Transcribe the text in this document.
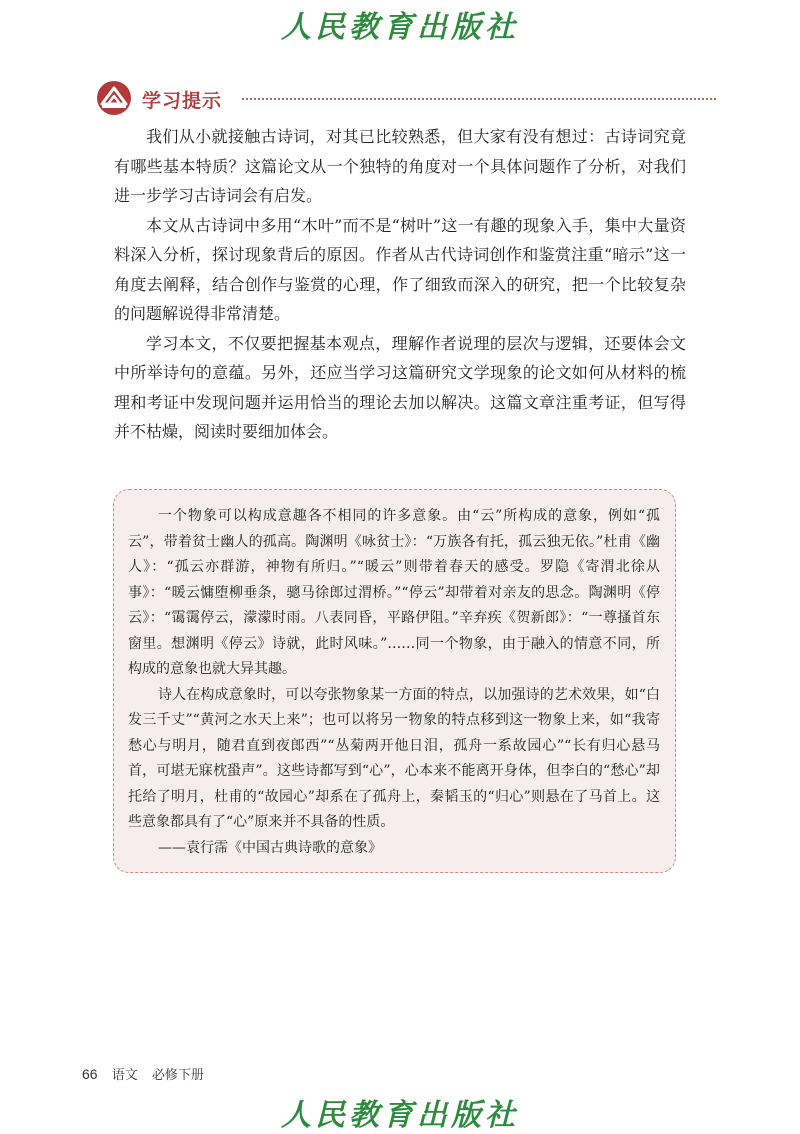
人民教育出版社
学习提示

我们从小就接触古诗词，对其已比较熟悉，但大家有没有想过：古诗词究竟有哪些基本特质？这篇论文从一个独特的角度对一个具体问题作了分析，对我们进一步学习古诗词会有启发。

本文从古诗词中多用“木叶”而不是“树叶”这一有趣的现象入手，集中大量资料深入分析，探讨现象背后的原因。作者从古代诗词创作和鉴赏注重“暗示”这一角度去阐释，结合创作与鉴赏的心理，作了细致而深入的研究，把一个比较复杂的问题解说得非常清楚。

学习本文，不仅要把握基本观点，理解作者说理的层次与逻辑，还要体会文中所举诗句的意蕴。另外，还应当学习这篇研究文学现象的论文如何从材料的梳理和考证中发现问题并运用恰当的理论去加以解决。这篇文章注重考证，但写得并不枯燥，阅读时要细加体会。

一个物象可以构成意趣各不相同的许多意象。由“云”所构成的意象，例如“孤云”，带着贫士幽人的孤高。陶渊明《咏贫士》：“万族各有托，孤云独无依。”杜甫《幽人》：“孤云亦群游，神物有所归。”“暖云”则带着春天的感受。罗隐《寄渭北徐从事》：“暖云慵堕柳垂条，骢马徐郎过渭桥。”“停云”却带着对亲友的思念。陶渊明《停云》：“霭霭停云，濛濛时雨。八表同昏，平路伊阻。”辛弃疾《贺新郎》：“一尊搔首东窗里。想渊明《停云》诗就，此时风味。”……同一个物象，由于融入的情意不同，所构成的意象也就大异其趣。

诗人在构成意象时，可以夸张物象某一方面的特点，以加强诗的艺术效果，如“白发三千丈”“黄河之水天上来”；也可以将另一物象的特点移到这一物象上来，如“我寄愁心与明月，随君直到夜郎西”“丛菊两开他日泪，孤舟一系故园心”“长有归心悬马首，可堪无寐枕蛩声”。这些诗都写到“心”，心本来不能离开身体，但李白的“愁心”却托给了明月，杜甫的“故园心”却系在了孤舟上，秦韬玉的“归心”则悬在了马首上。这些意象都具有了“心”原来并不具备的性质。

——袁行霈《中国古典诗歌的意象》

66 语文 必修下册
人民教育出版社
